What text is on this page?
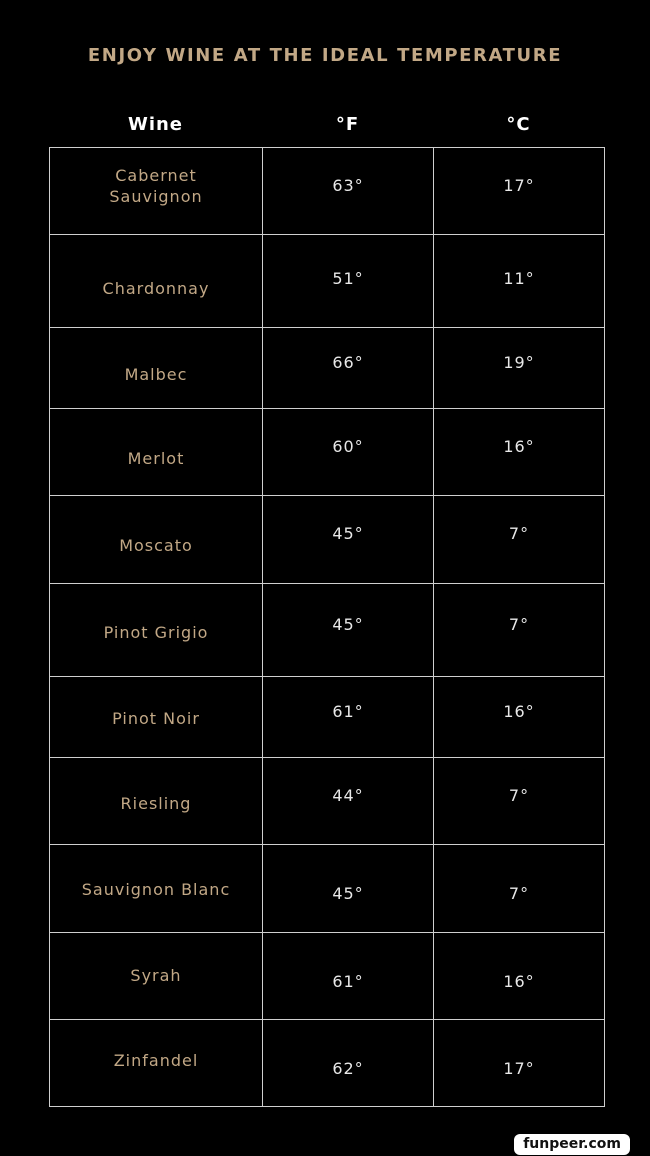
ENJOY WINE AT THE IDEAL TEMPERATURE
Wine	°F	°C
Cabernet Sauvignon	63°	17°
Chardonnay	51°	11°
Malbec	66°	19°
Merlot	60°	16°
Moscato	45°	7°
Pinot Grigio	45°	7°
Pinot Noir	61°	16°
Riesling	44°	7°
Sauvignon Blanc	45°	7°
Syrah	61°	16°
Zinfandel	62°	17°
funpeer.com
